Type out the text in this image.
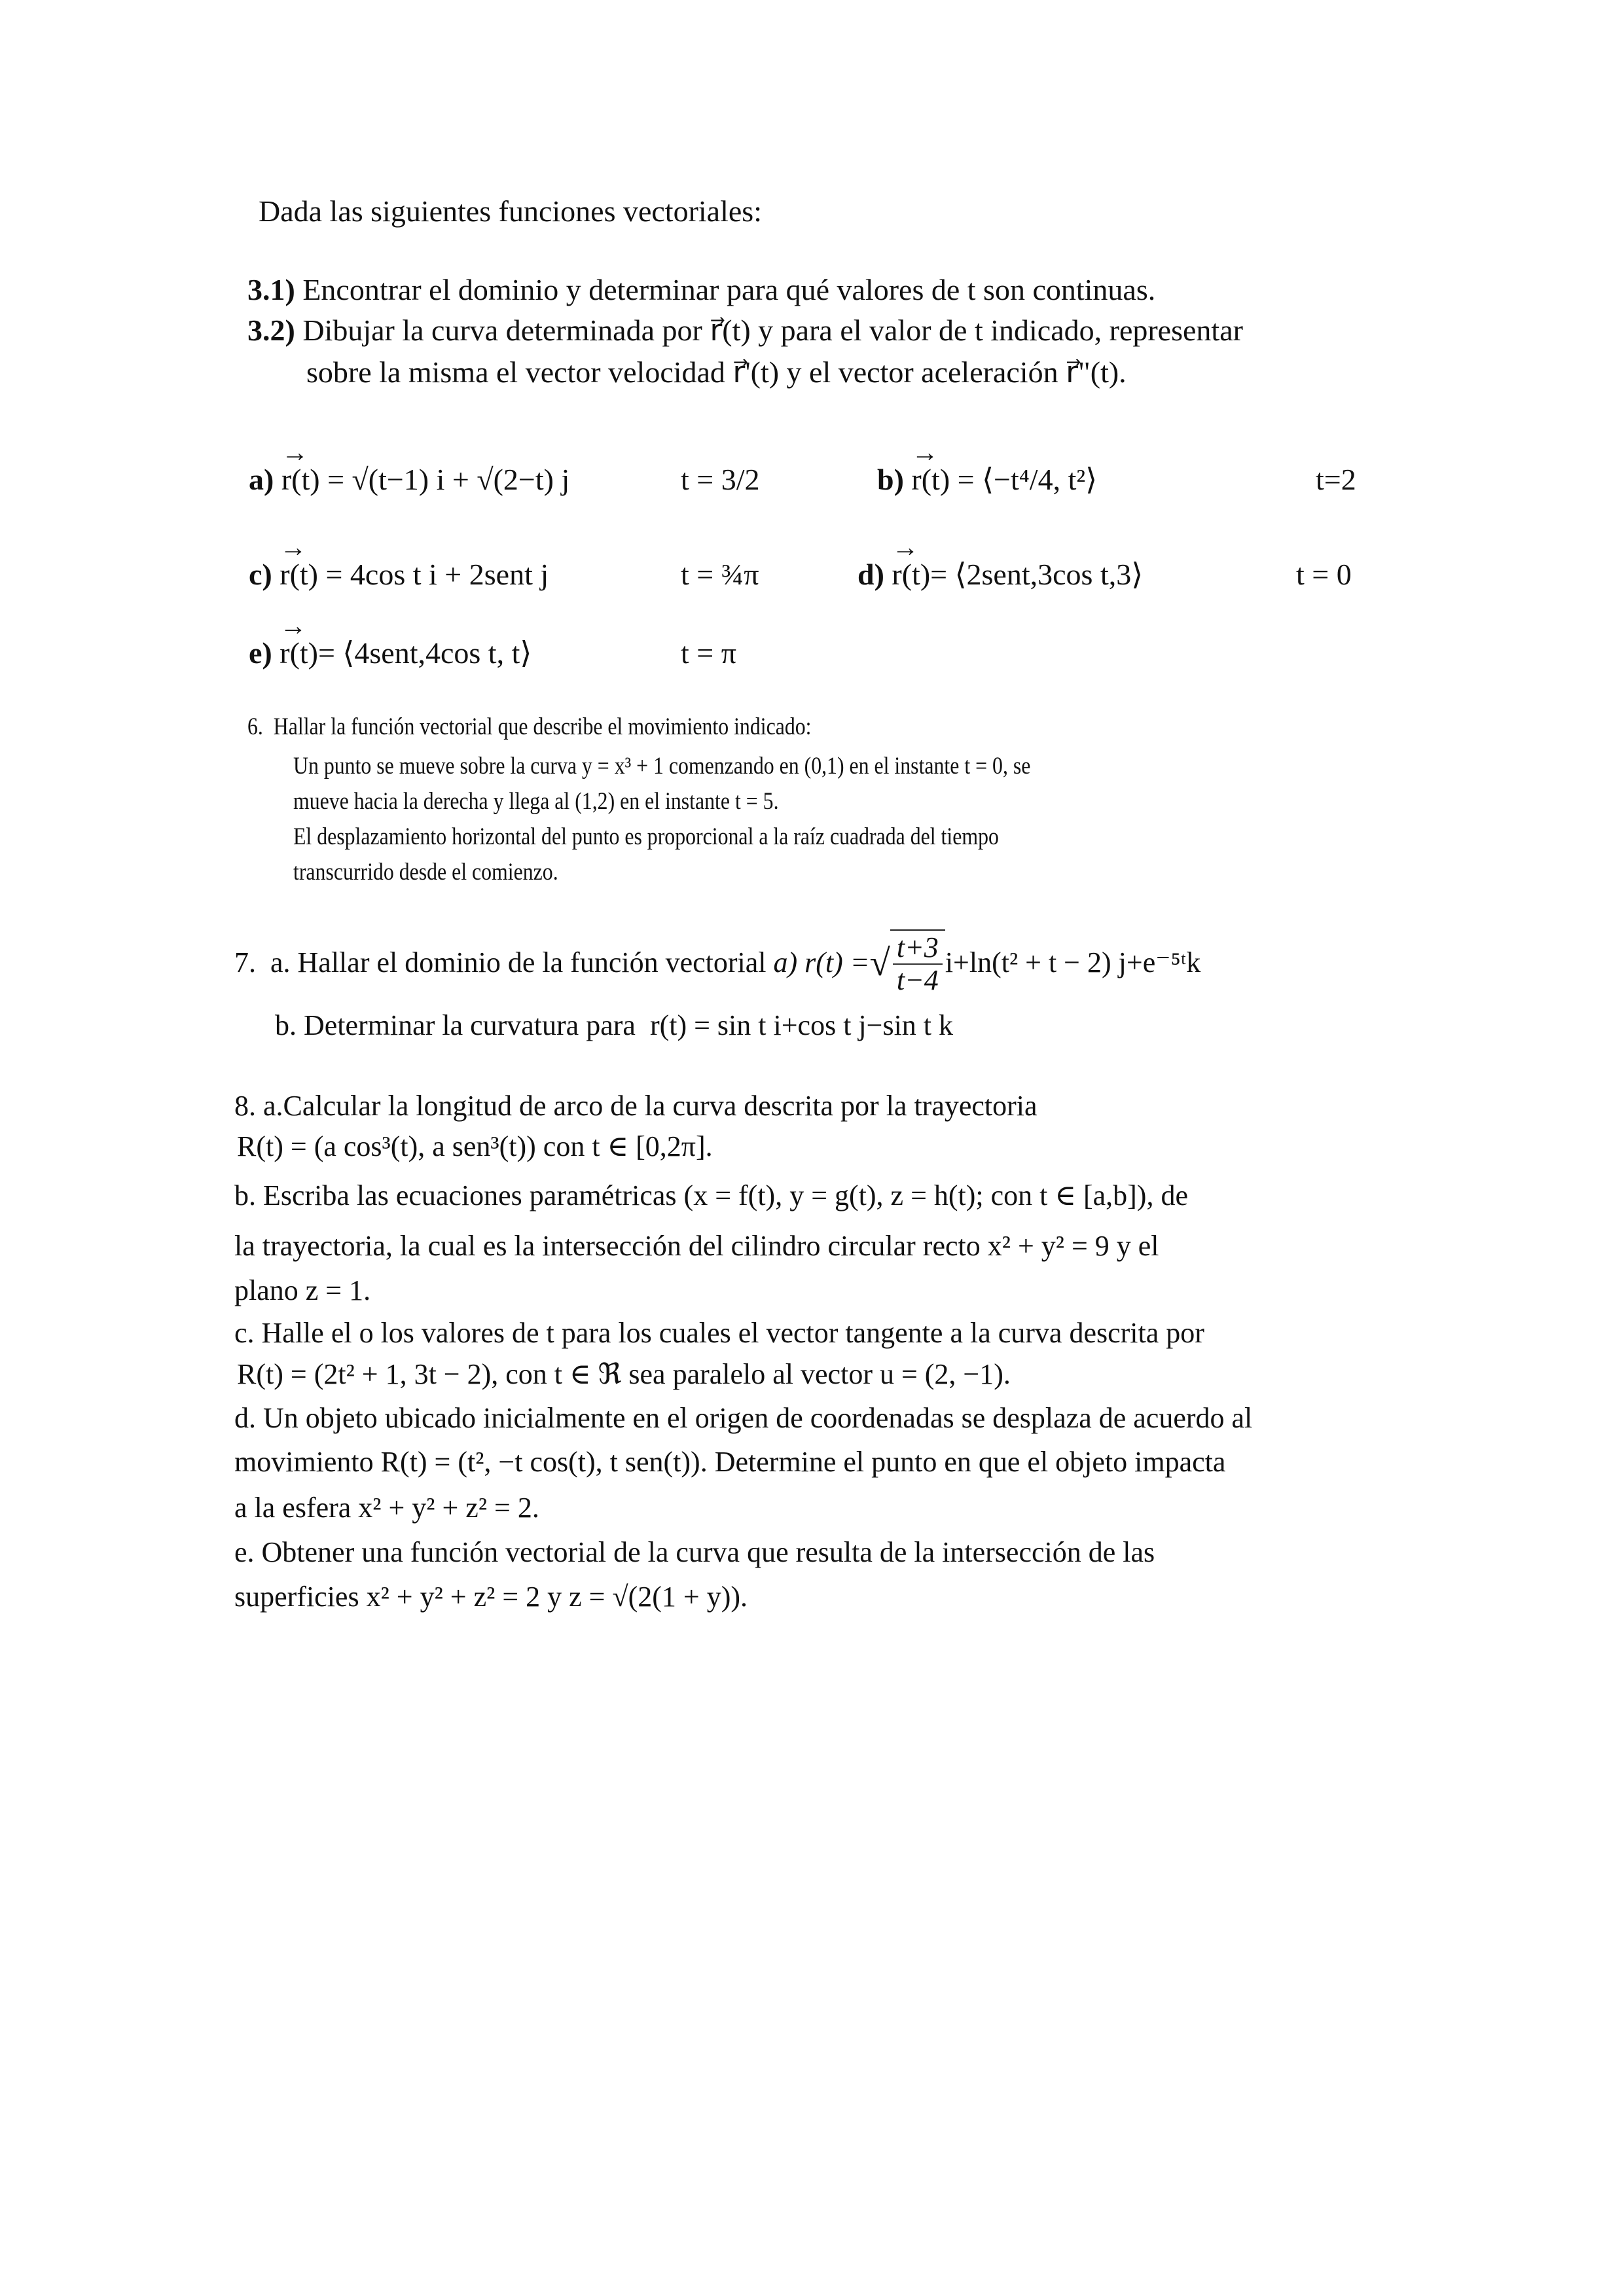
Dada las siguientes funciones vectoriales:
3.1) Encontrar el dominio y determinar para qué valores de t son continuas.
3.2) Dibujar la curva determinada por r⃗(t) y para el valor de t indicado, representar
sobre la misma el vector velocidad r⃗'(t) y el vector aceleración r⃗"(t).
a) → r(t) = √(t−1) i + √(2−t) j	t = 3/2	b) → r(t) = ⟨−t⁴/4, t²⟩	t=2
c) → r(t) = 4cos t i + 2sent j	t = ¾π	d) → r(t)= ⟨2sent,3cos t,3⟩	t = 0
e) → r(t)= ⟨4sent,4cos t, t⟩	t = π
6. Hallar la función vectorial que describe el movimiento indicado:
Un punto se mueve sobre la curva y = x³ + 1 comenzando en (0,1) en el instante t = 0, se
mueve hacia la derecha y llega al (1,2) en el instante t = 5.
El desplazamiento horizontal del punto es proporcional a la raíz cuadrada del tiempo
transcurrido desde el comienzo.
7.
a. Hallar el dominio de la función vectorial
a) r(t) = √ $\frac{t+3}{t-4} i+\ln(t^2 + t - 2)$ j+e⁻⁵ᵗk
b. Determinar la curvatura para r(t) = sin t i+cos t j−sin t k
8. a.Calcular la longitud de arco de la curva descrita por la trayectoria
R(t) = (a cos³(t), a sen³(t)) con t ∈ [0,2π].
b. Escriba las ecuaciones paramétricas (x = f(t), y = g(t), z = h(t); con t ∈ [a,b]), de
la trayectoria, la cual es la intersección del cilindro circular recto x² + y² = 9 y el
plano z = 1.
c. Halle el o los valores de t para los cuales el vector tangente a la curva descrita por
R(t) = (2t² + 1, 3t − 2), con t ∈ ℜ sea paralelo al vector u = (2, −1).
d. Un objeto ubicado inicialmente en el origen de coordenadas se desplaza de acuerdo al
movimiento R(t) = (t², −t cos(t), t sen(t)). Determine el punto en que el objeto impacta
a la esfera x² + y² + z² = 2.
e. Obtener una función vectorial de la curva que resulta de la intersección de las
superficies x² + y² + z² = 2 y z = √(2(1 + y)).
